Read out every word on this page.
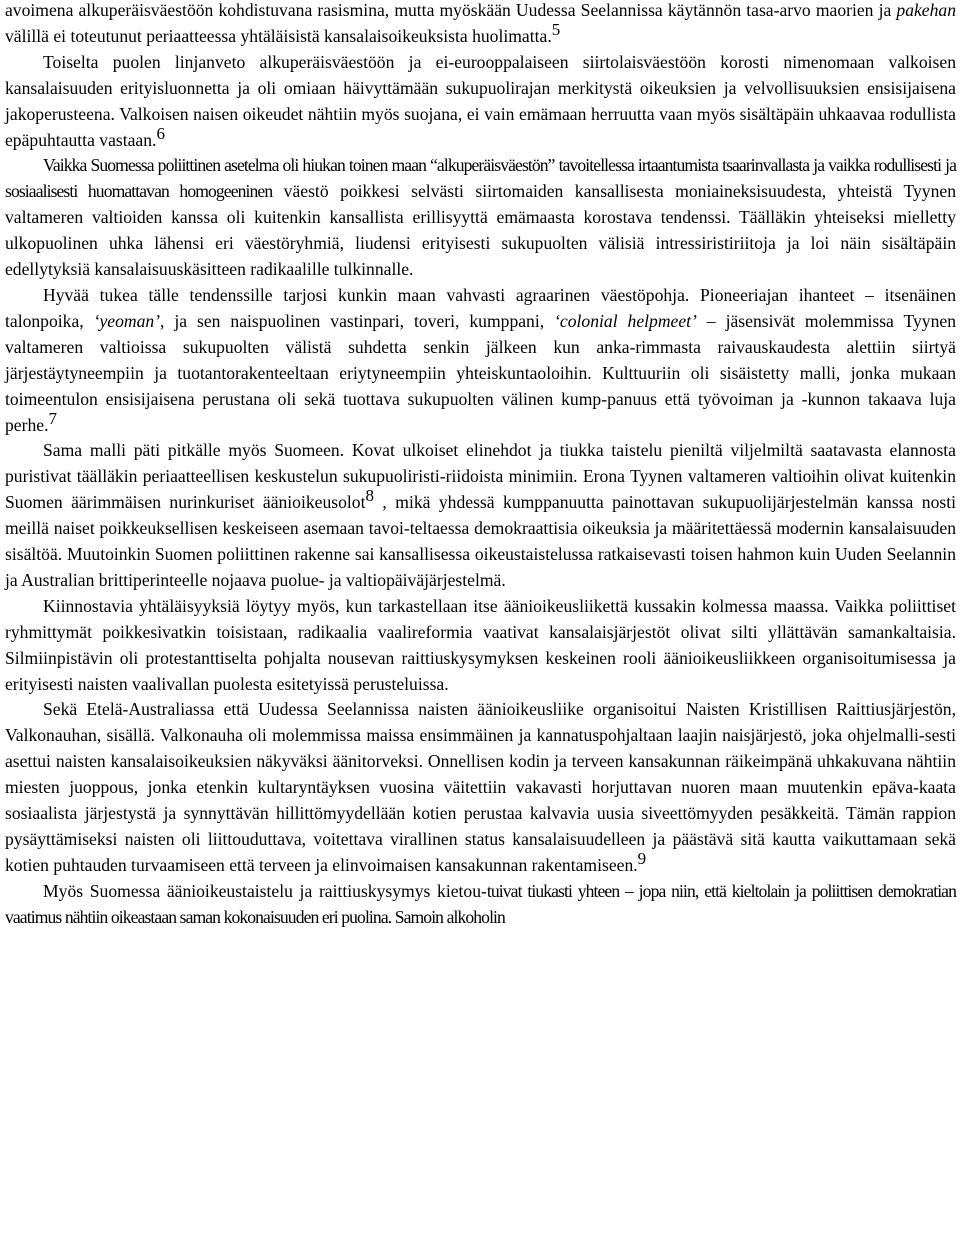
avoimena alkuperäisväestöön kohdistuvana rasismina, mutta myöskään Uudessa Seelannissa käytännön tasa-arvo maorien ja pakehan välillä ei toteutunut periaatteessa yhtäläisistä kansalaisoikeuksista huolimatta.$^5$

Toiselta puolen linjanveto alkuperäisväestöön ja ei-eurooppalaiseen siirtolaisväestöön korosti nimenomaan valkoisen kansalaisuuden erityisluonnetta ja oli omiaan häivyttämään sukupuolirajan merkitystä oikeuksien ja velvollisuuksien ensisijaisena jakoperusteena. Valkoisen naisen oikeudet nähtiin myös suojana, ei vain emämaan herruutta vaan myös sisältäpäin uhkaavaa rodullista epäpuhtautta vastaan.$^6$

Vaikka Suomessa poliittinen asetelma oli hiukan toinen maan “alkuperäisväestön” tavoitellessa irtaantumista tsaarinvallasta ja vaikka rodullisesti ja sosiaalisesti huomattavan homogeeninen väestö poikkesi selvästi siirtomaiden kansallisesta moniaineksisuudesta, yhteistä Tyynen valtameren valtioiden kanssa oli kuitenkin kansallista erillisyyttä emämaasta korostava tendenssi. Täälläkin yhteiseksi mielletty ulkopuolinen uhka lähensi eri väestöryhmiä, liudensi erityisesti sukupuolten välisiä intressiristiriitoja ja loi näin sisältäpäin edellytyksiä kansalaisuuskäsitteen radikaalille tulkinnalle.

Hyvää tukea tälle tendenssille tarjosi kunkin maan vahvasti agraarinen väestöpohja. Pioneeriajan ihanteet – itsenäinen talonpoika, ‘yeoman’, ja sen naispuolinen vastinpari, toveri, kumppani, ‘colonial helpmeet’ – jäsensivät molemmissa Tyynen valtameren valtioissa sukupuolten välistä suhdetta senkin jälkeen kun anka-rimmasta raivauskaudesta alettiin siirtyä järjestäytyneempiin ja tuotantorakenteeltaan eriytyneempiin yhteiskuntaoloihin. Kulttuuriin oli sisäistetty malli, jonka mukaan toimeentulon ensisijaisena perustana oli sekä tuottava sukupuolten välinen kump-panuus että työvoiman ja -kunnon takaava luja perhe.$^7$

Sama malli päti pitkälle myös Suomeen. Kovat ulkoiset elinehdot ja tiukka taistelu pieniltä viljelmiltä saatavasta elannosta puristivat täälläkin periaatteellisen keskustelun sukupuoliristi-riidoista minimiin. Erona Tyynen valtameren valtioihin olivat kuitenkin Suomen äärimmäisen nurinkuriset äänioikeusolot$^8$ , mikä yhdessä kumppanuutta painottavan sukupuolijärjestelmän kanssa nosti meillä naiset poikkeuksellisen keskeiseen asemaan tavoi-teltaessa demokraattisia oikeuksia ja määritettäessä modernin kansalaisuuden sisältöä. Muutoinkin Suomen poliittinen rakenne sai kansallisessa oikeustaistelussa ratkaisevasti toisen hahmon kuin Uuden Seelannin ja Australian brittiperinteelle nojaava puolue- ja valtiopäiväjärjestelmä.

Kiinnostavia yhtäläisyyksiä löytyy myös, kun tarkastellaan itse äänioikeusliikettä kussakin kolmessa maassa. Vaikka poliittiset ryhmittymät poikkesivatkin toisistaan, radikaalia vaalireformia vaativat kansalaisjärjestöt olivat silti yllättävän samankaltaisia. Silmiinpistävin oli protestanttiselta pohjalta nousevan raittiuskysymyksen keskeinen rooli äänioikeusliikkeen organisoitumisessa ja erityisesti naisten vaalivallan puolesta esitetyissä perusteluissa.

Sekä Etelä-Australiassa että Uudessa Seelannissa naisten äänioikeusliike organisoitui Naisten Kristillisen Raittiusjärjestön, Valkonauhan, sisällä. Valkonauha oli molemmissa maissa ensimmäinen ja kannatuspohjaltaan laajin naisjärjestö, joka ohjelmalli-sesti asettui naisten kansalaisoikeuksien näkyväksi äänitorveksi. Onnellisen kodin ja terveen kansakunnan räikeimpänä uhkakuvana nähtiin miesten juoppous, jonka etenkin kultaryntäyksen vuosina väitettiin vakavasti horjuttavan nuoren maan muutenkin epäva-kaata sosiaalista järjestystä ja synnyttävän hillittömyydellään kotien perustaa kalvavia uusia siveettömyyden pesäkkeitä. Tämän rappion pysäyttämiseksi naisten oli liittouduttava, voitettava virallinen status kansalaisuudelleen ja päästävä sitä kautta vaikuttamaan sekä kotien puhtauden turvaamiseen että terveen ja elinvoimaisen kansakunnan rakentamiseen.$^9$

Myös Suomessa äänioikeustaistelu ja raittiuskysymys kietou-tuivat tiukasti yhteen – jopa niin, että kieltolain ja poliittisen demokratian vaatimus nähtiin oikeastaan saman kokonaisuuden eri puolina. Samoin alkoholin
